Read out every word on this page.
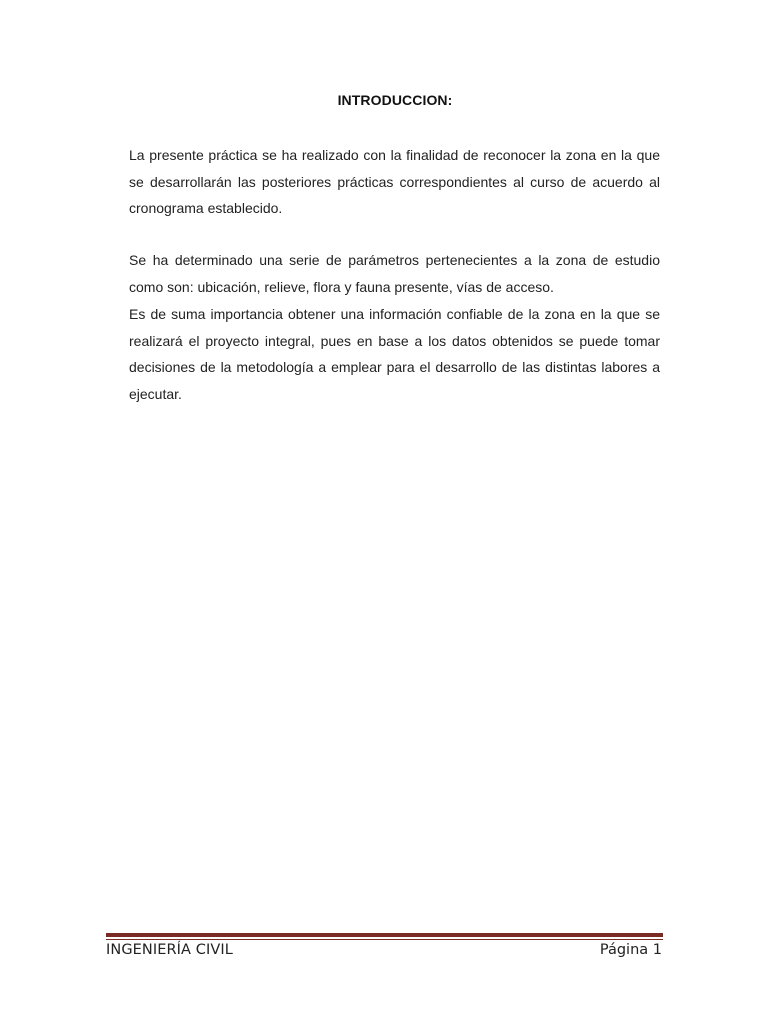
INTRODUCCION:

La presente práctica se ha realizado con la finalidad de reconocer la zona en la que se desarrollarán las posteriores prácticas correspondientes al curso de acuerdo al cronograma establecido.

Se ha determinado una serie de parámetros pertenecientes a la zona de estudio como son: ubicación, relieve, flora y fauna presente, vías de acceso.

Es de suma importancia obtener una información confiable de la zona en la que se realizará el proyecto integral, pues en base a los datos obtenidos se puede tomar decisiones de la metodología a emplear para el desarrollo de las distintas labores a ejecutar.

INGENIERÍA CIVIL	Página 1
